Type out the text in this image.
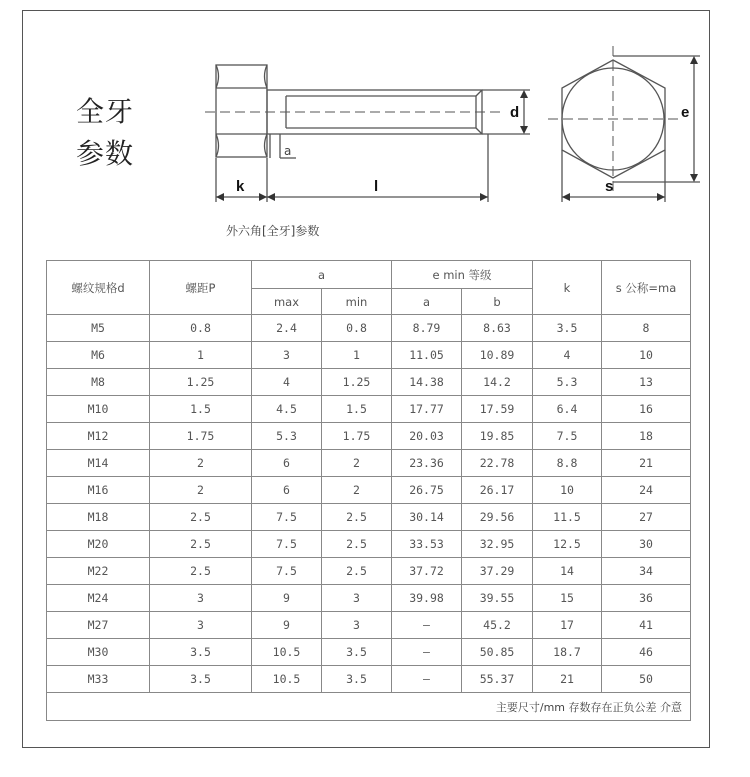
全牙
参数
d	e
k	l	s
a
外六角[全牙]参数
螺纹规格d	螺距P	a		e min 等级		k	s 公称=ma
		max	min	a	b		
M5	0.8	2.4	0.8	8.79	8.63	3.5	8
M6	1	3	1	11.05	10.89	4	10
M8	1.25	4	1.25	14.38	14.2	5.3	13
M10	1.5	4.5	1.5	17.77	17.59	6.4	16
M12	1.75	5.3	1.75	20.03	19.85	7.5	18
M14	2	6	2	23.36	22.78	8.8	21
M16	2	6	2	26.75	26.17	10	24
M18	2.5	7.5	2.5	30.14	29.56	11.5	27
M20	2.5	7.5	2.5	33.53	32.95	12.5	30
M22	2.5	7.5	2.5	37.72	37.29	14	34
M24	3	9	3	39.98	39.55	15	36
M27	3	9	3	—	45.2	17	41
M30	3.5	10.5	3.5	—	50.85	18.7	46
M33	3.5	10.5	3.5	—	55.37	21	50
主要尺寸/mm 存数存在正负公差 介意							
